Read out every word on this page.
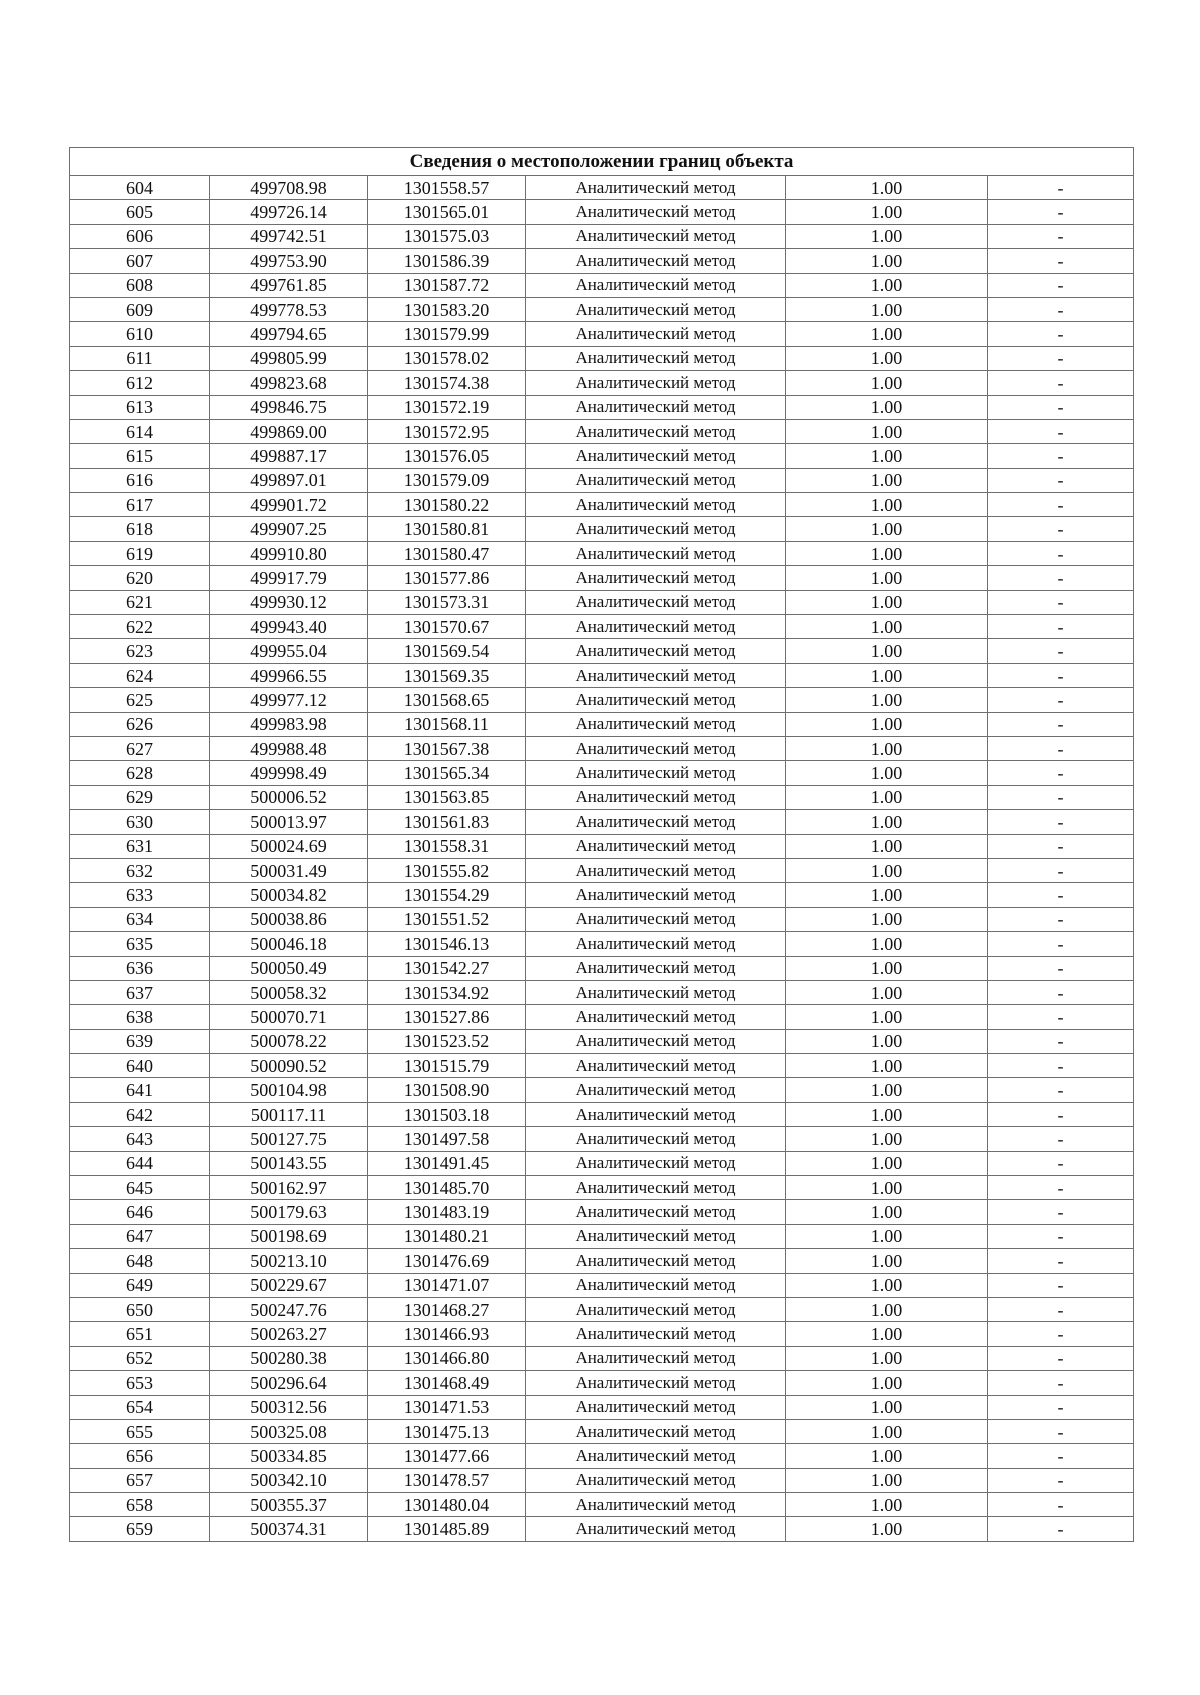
Сведения о местоположении границ объекта					
604	499708.98	1301558.57	Аналитический метод	1.00	-
605	499726.14	1301565.01	Аналитический метод	1.00	-
606	499742.51	1301575.03	Аналитический метод	1.00	-
607	499753.90	1301586.39	Аналитический метод	1.00	-
608	499761.85	1301587.72	Аналитический метод	1.00	-
609	499778.53	1301583.20	Аналитический метод	1.00	-
610	499794.65	1301579.99	Аналитический метод	1.00	-
611	499805.99	1301578.02	Аналитический метод	1.00	-
612	499823.68	1301574.38	Аналитический метод	1.00	-
613	499846.75	1301572.19	Аналитический метод	1.00	-
614	499869.00	1301572.95	Аналитический метод	1.00	-
615	499887.17	1301576.05	Аналитический метод	1.00	-
616	499897.01	1301579.09	Аналитический метод	1.00	-
617	499901.72	1301580.22	Аналитический метод	1.00	-
618	499907.25	1301580.81	Аналитический метод	1.00	-
619	499910.80	1301580.47	Аналитический метод	1.00	-
620	499917.79	1301577.86	Аналитический метод	1.00	-
621	499930.12	1301573.31	Аналитический метод	1.00	-
622	499943.40	1301570.67	Аналитический метод	1.00	-
623	499955.04	1301569.54	Аналитический метод	1.00	-
624	499966.55	1301569.35	Аналитический метод	1.00	-
625	499977.12	1301568.65	Аналитический метод	1.00	-
626	499983.98	1301568.11	Аналитический метод	1.00	-
627	499988.48	1301567.38	Аналитический метод	1.00	-
628	499998.49	1301565.34	Аналитический метод	1.00	-
629	500006.52	1301563.85	Аналитический метод	1.00	-
630	500013.97	1301561.83	Аналитический метод	1.00	-
631	500024.69	1301558.31	Аналитический метод	1.00	-
632	500031.49	1301555.82	Аналитический метод	1.00	-
633	500034.82	1301554.29	Аналитический метод	1.00	-
634	500038.86	1301551.52	Аналитический метод	1.00	-
635	500046.18	1301546.13	Аналитический метод	1.00	-
636	500050.49	1301542.27	Аналитический метод	1.00	-
637	500058.32	1301534.92	Аналитический метод	1.00	-
638	500070.71	1301527.86	Аналитический метод	1.00	-
639	500078.22	1301523.52	Аналитический метод	1.00	-
640	500090.52	1301515.79	Аналитический метод	1.00	-
641	500104.98	1301508.90	Аналитический метод	1.00	-
642	500117.11	1301503.18	Аналитический метод	1.00	-
643	500127.75	1301497.58	Аналитический метод	1.00	-
644	500143.55	1301491.45	Аналитический метод	1.00	-
645	500162.97	1301485.70	Аналитический метод	1.00	-
646	500179.63	1301483.19	Аналитический метод	1.00	-
647	500198.69	1301480.21	Аналитический метод	1.00	-
648	500213.10	1301476.69	Аналитический метод	1.00	-
649	500229.67	1301471.07	Аналитический метод	1.00	-
650	500247.76	1301468.27	Аналитический метод	1.00	-
651	500263.27	1301466.93	Аналитический метод	1.00	-
652	500280.38	1301466.80	Аналитический метод	1.00	-
653	500296.64	1301468.49	Аналитический метод	1.00	-
654	500312.56	1301471.53	Аналитический метод	1.00	-
655	500325.08	1301475.13	Аналитический метод	1.00	-
656	500334.85	1301477.66	Аналитический метод	1.00	-
657	500342.10	1301478.57	Аналитический метод	1.00	-
658	500355.37	1301480.04	Аналитический метод	1.00	-
659	500374.31	1301485.89	Аналитический метод	1.00	-
